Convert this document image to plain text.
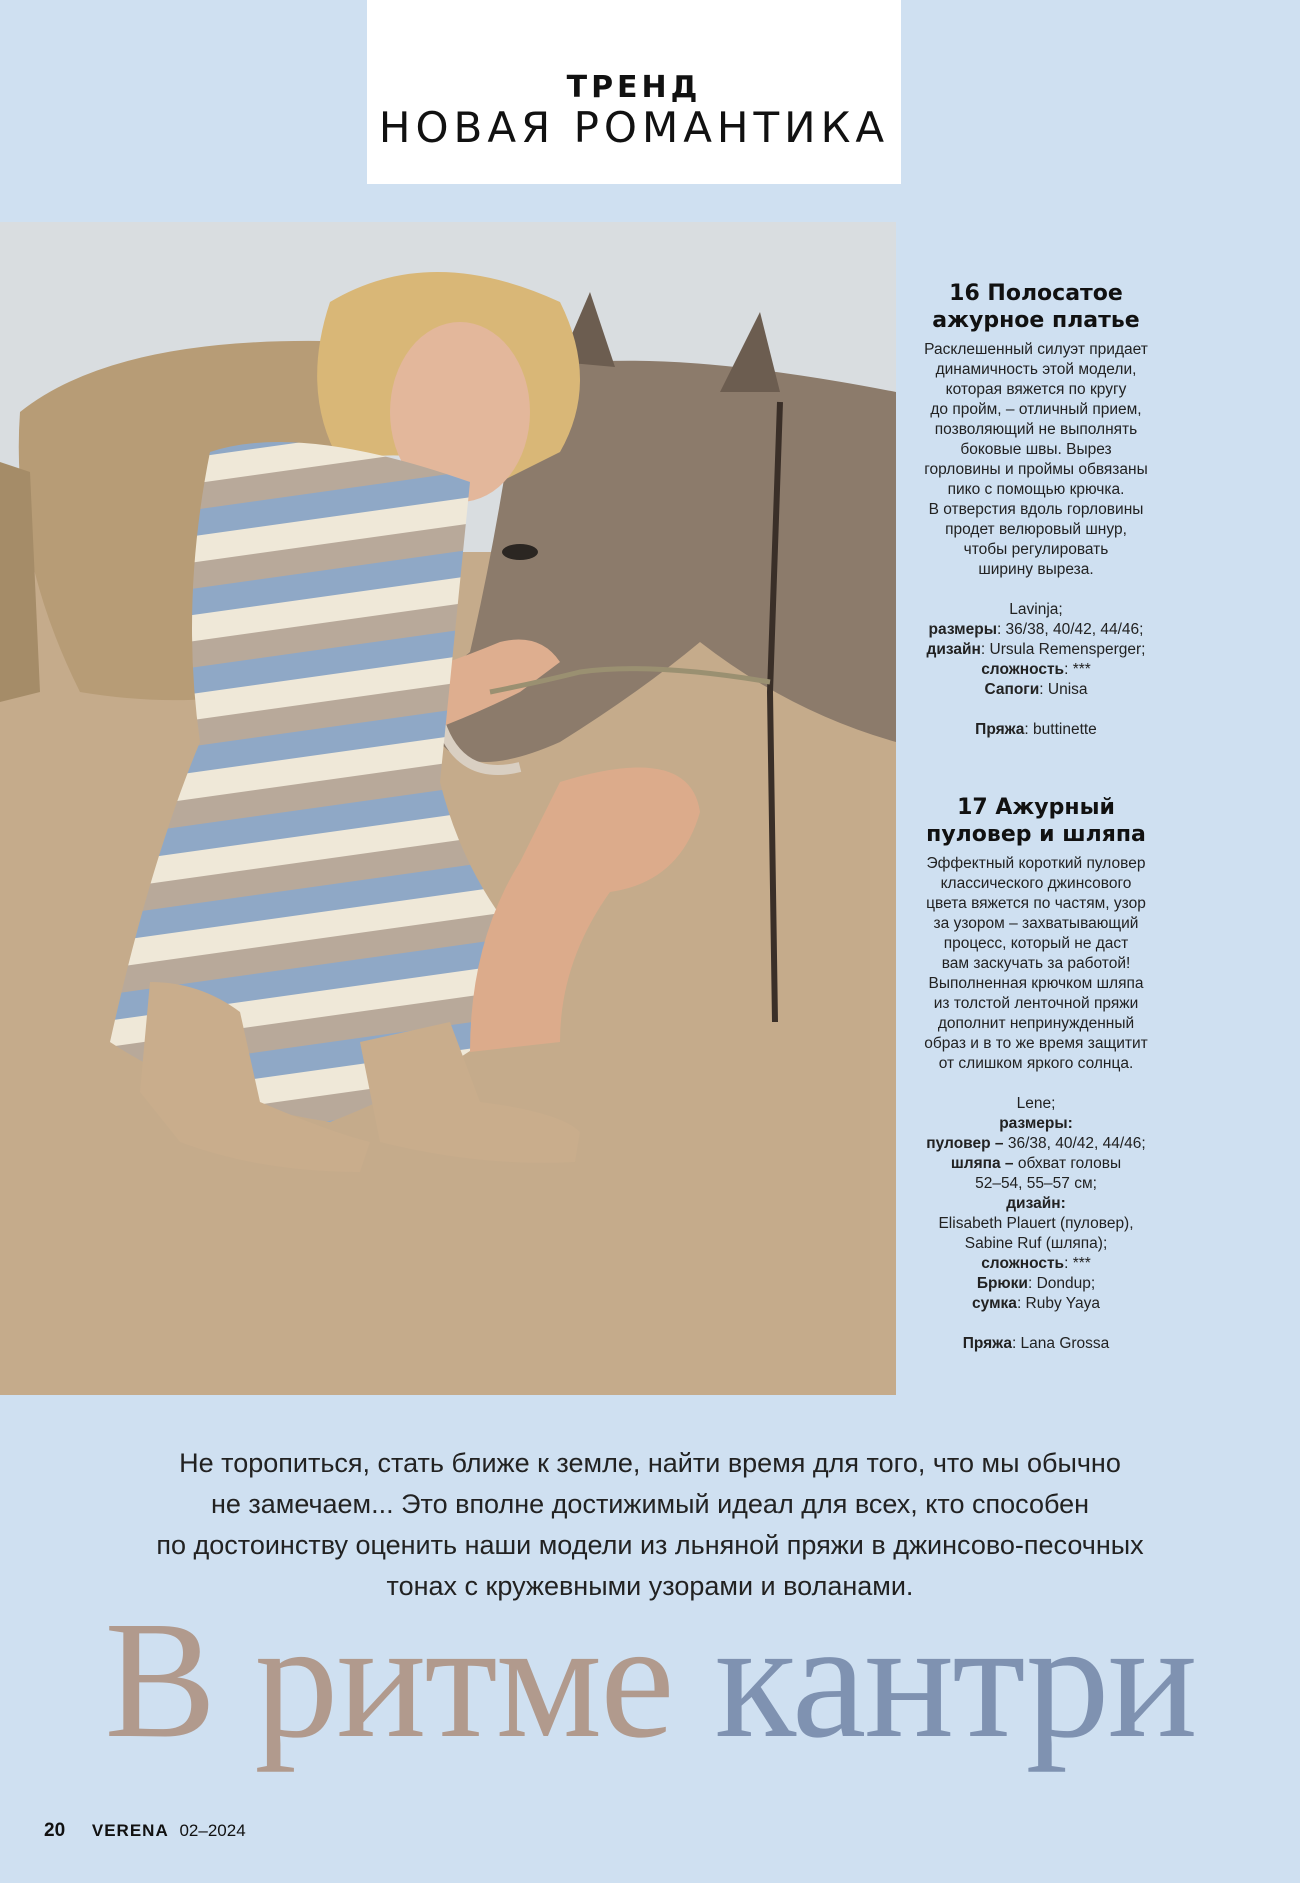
ТРЕНД
НОВАЯ РОМАНТИКА
16 Полосатое
ажурное платье
Расклешенный силуэт придает
динамичность этой модели,
которая вяжется по кругу
до пройм, – отличный прием,
позволяющий не выполнять
боковые швы. Вырез
горловины и проймы обвязаны
пико с помощью крючка.
В отверстия вдоль горловины
продет велюровый шнур,
чтобы регулировать
ширину выреза.
Lavinja;
размеры: 36/38, 40/42, 44/46;
дизайн: Ursula Remensperger;
сложность: ***
Сапоги: Unisa
Пряжа: buttinette
17 Ажурный
пуловер и шляпа
Эффектный короткий пуловер
классического джинсового
цвета вяжется по частям, узор
за узором – захватывающий
процесс, который не даст
вам заскучать за работой!
Выполненная крючком шляпа
из толстой ленточной пряжи
дополнит непринужденный
образ и в то же время защитит
от слишком яркого солнца.
Lene;
размеры:
пуловер – 36/38, 40/42, 44/46;
шляпа – обхват головы
52–54, 55–57 см;
дизайн:
Elisabeth Plauert (пуловер),
Sabine Ruf (шляпа);
сложность: ***
Брюки: Dondup;
сумка: Ruby Yaya
Пряжа: Lana Grossa
Не торопиться, стать ближе к земле, найти время для того, что мы обычно
не замечаем... Это вполне достижимый идеал для всех, кто способен
по достоинству оценить наши модели из льняной пряжи в джинсово-песочных
тонах с кружевными узорами и воланами.
В ритме кантри
20 VERENA 02–2024
